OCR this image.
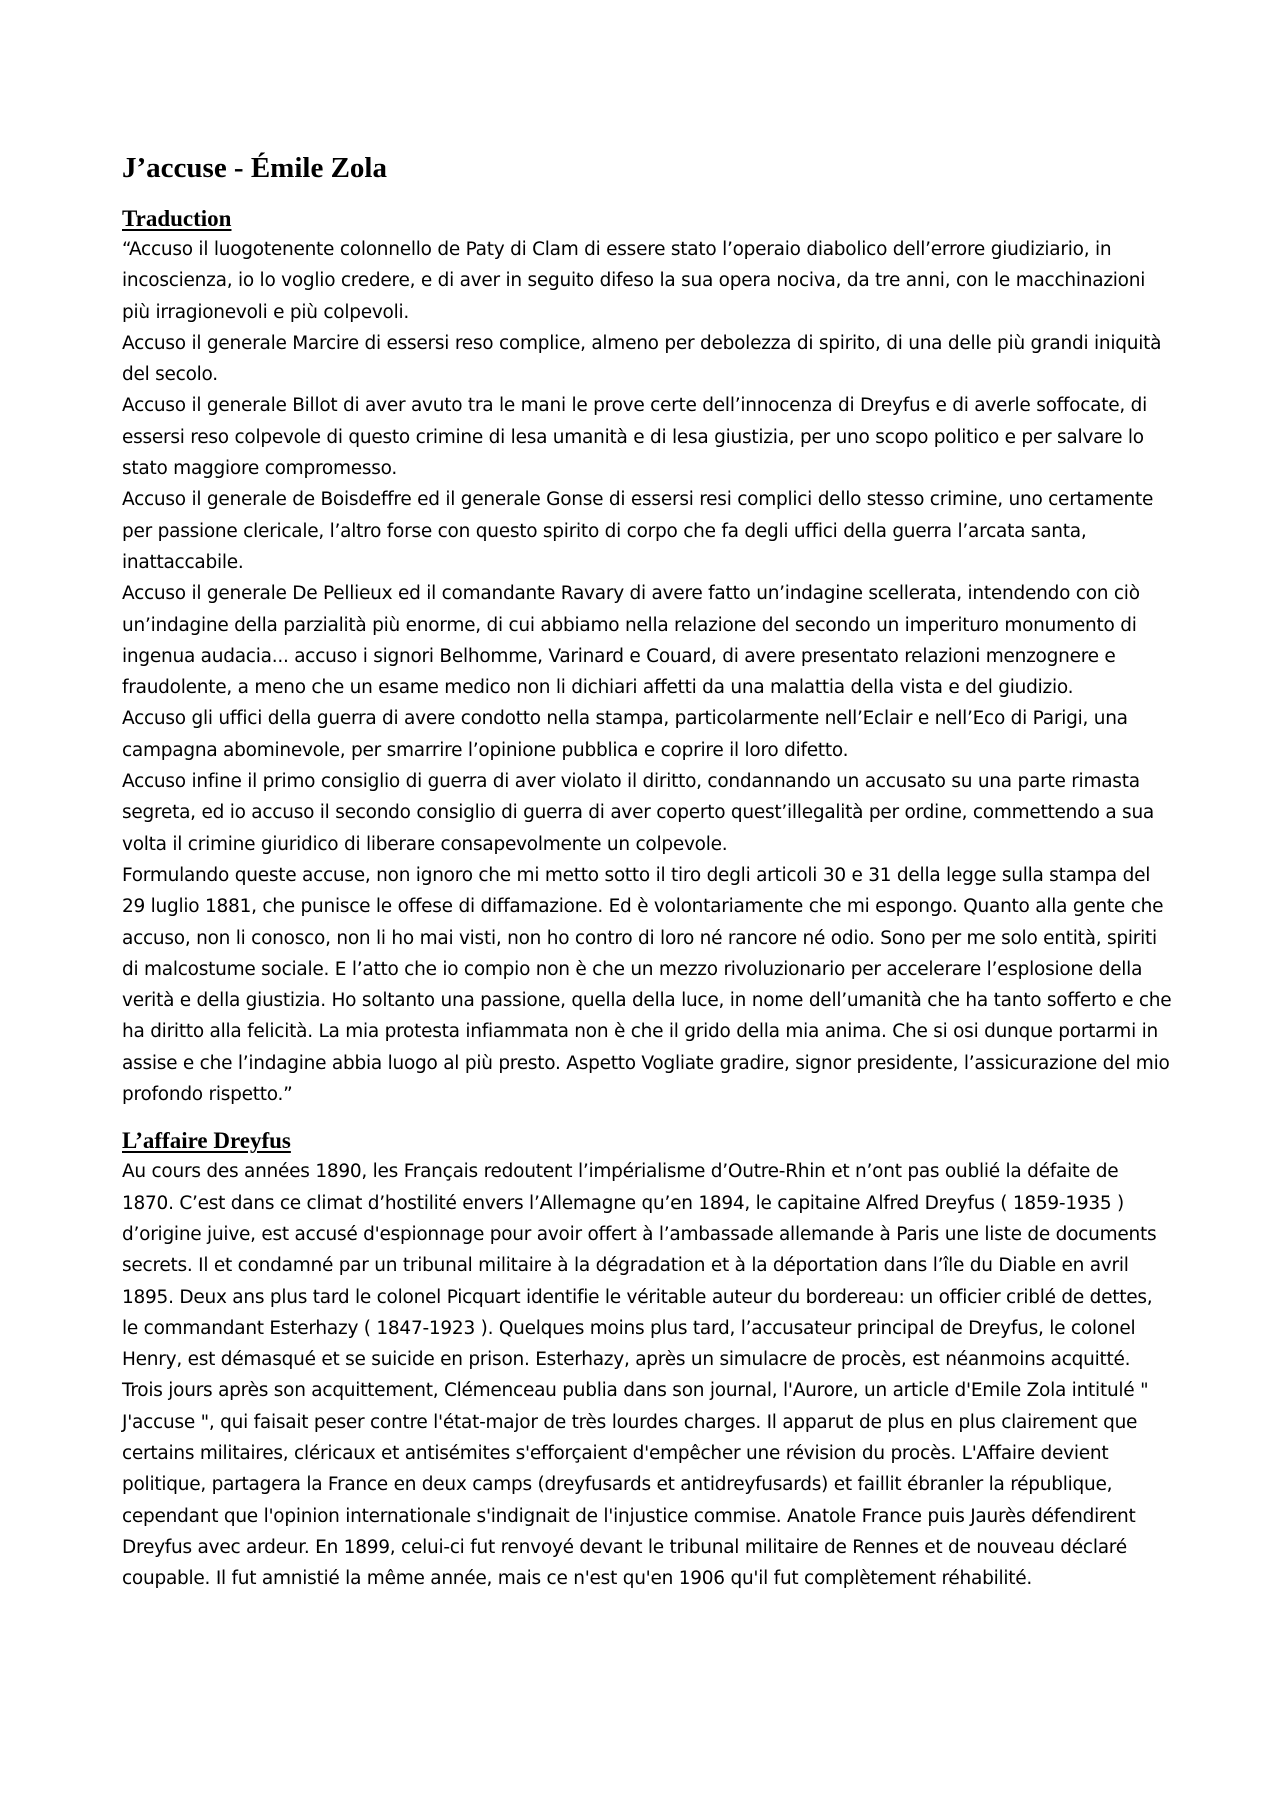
J’accuse - Émile Zola
Traduction

“Accuso il luogotenente colonnello de Paty di Clam di essere stato l’operaio diabolico dell’errore giudiziario, in incoscienza, io lo voglio credere, e di aver in seguito difeso la sua opera nociva, da tre anni, con le macchinazioni più irragionevoli e più colpevoli.

Accuso il generale Marcire di essersi reso complice, almeno per debolezza di spirito, di una delle più grandi iniquità del secolo.

Accuso il generale Billot di aver avuto tra le mani le prove certe dell’innocenza di Dreyfus e di averle soffocate, di essersi reso colpevole di questo crimine di lesa umanità e di lesa giustizia, per uno scopo politico e per salvare lo stato maggiore compromesso.

Accuso il generale de Boisdeffre ed il generale Gonse di essersi resi complici dello stesso crimine, uno certamente per passione clericale, l’altro forse con questo spirito di corpo che fa degli uffici della guerra l’arcata santa, inattaccabile.

Accuso il generale De Pellieux ed il comandante Ravary di avere fatto un’indagine scellerata, intendendo con ciò un’indagine della parzialità più enorme, di cui abbiamo nella relazione del secondo un imperituro monumento di ingenua audacia... accuso i signori Belhomme, Varinard e Couard, di avere presentato relazioni menzognere e fraudolente, a meno che un esame medico non li dichiari affetti da una malattia della vista e del giudizio.

Accuso gli uffici della guerra di avere condotto nella stampa, particolarmente nell’Eclair e nell’Eco di Parigi, una campagna abominevole, per smarrire l’opinione pubblica e coprire il loro difetto.

Accuso infine il primo consiglio di guerra di aver violato il diritto, condannando un accusato su una parte rimasta segreta, ed io accuso il secondo consiglio di guerra di aver coperto quest’illegalità per ordine, commettendo a sua volta il crimine giuridico di liberare consapevolmente un colpevole.

Formulando queste accuse, non ignoro che mi metto sotto il tiro degli articoli 30 e 31 della legge sulla stampa del 29 luglio 1881, che punisce le offese di diffamazione. Ed è volontariamente che mi espongo. Quanto alla gente che accuso, non li conosco, non li ho mai visti, non ho contro di loro né rancore né odio. Sono per me solo entità, spiriti di malcostume sociale. E l’atto che io compio non è che un mezzo rivoluzionario per accelerare l’esplosione della verità e della giustizia. Ho soltanto una passione, quella della luce, in nome dell’umanità che ha tanto sofferto e che ha diritto alla felicità. La mia protesta infiammata non è che il grido della mia anima. Che si osi dunque portarmi in assise e che l’indagine abbia luogo al più presto. Aspetto Vogliate gradire, signor presidente, l’assicurazione del mio profondo rispetto.”

L’affaire Dreyfus

Au cours des années 1890, les Français redoutent l’impérialisme d’Outre-Rhin et n’ont pas oublié la défaite de 1870. C’est dans ce climat d’hostilité envers l’Allemagne qu’en 1894, le capitaine Alfred Dreyfus ( 1859-1935 ) d’origine juive, est accusé d'espionnage pour avoir offert à l’ambassade allemande à Paris une liste de documents secrets. Il et condamné par un tribunal militaire à la dégradation et à la déportation dans l’île du Diable en avril 1895. Deux ans plus tard le colonel Picquart identifie le véritable auteur du bordereau: un officier criblé de dettes, le commandant Esterhazy ( 1847-1923 ). Quelques moins plus tard, l’accusateur principal de Dreyfus, le colonel Henry, est démasqué et se suicide en prison. Esterhazy, après un simulacre de procès, est néanmoins acquitté. Trois jours après son acquittement, Clémenceau publia dans son journal, l'Aurore, un article d'Emile Zola intitulé " J'accuse ", qui faisait peser contre l'état-major de très lourdes charges. Il apparut de plus en plus clairement que certains militaires, cléricaux et antisémites s'efforçaient d'empêcher une révision du procès. L'Affaire devient politique, partagera la France en deux camps (dreyfusards et antidreyfusards) et faillit ébranler la république, cependant que l'opinion internationale s'indignait de l'injustice commise. Anatole France puis Jaurès défendirent Dreyfus avec ardeur. En 1899, celui-ci fut renvoyé devant le tribunal militaire de Rennes et de nouveau déclaré coupable. Il fut amnistié la même année, mais ce n'est qu'en 1906 qu'il fut complètement réhabilité.
